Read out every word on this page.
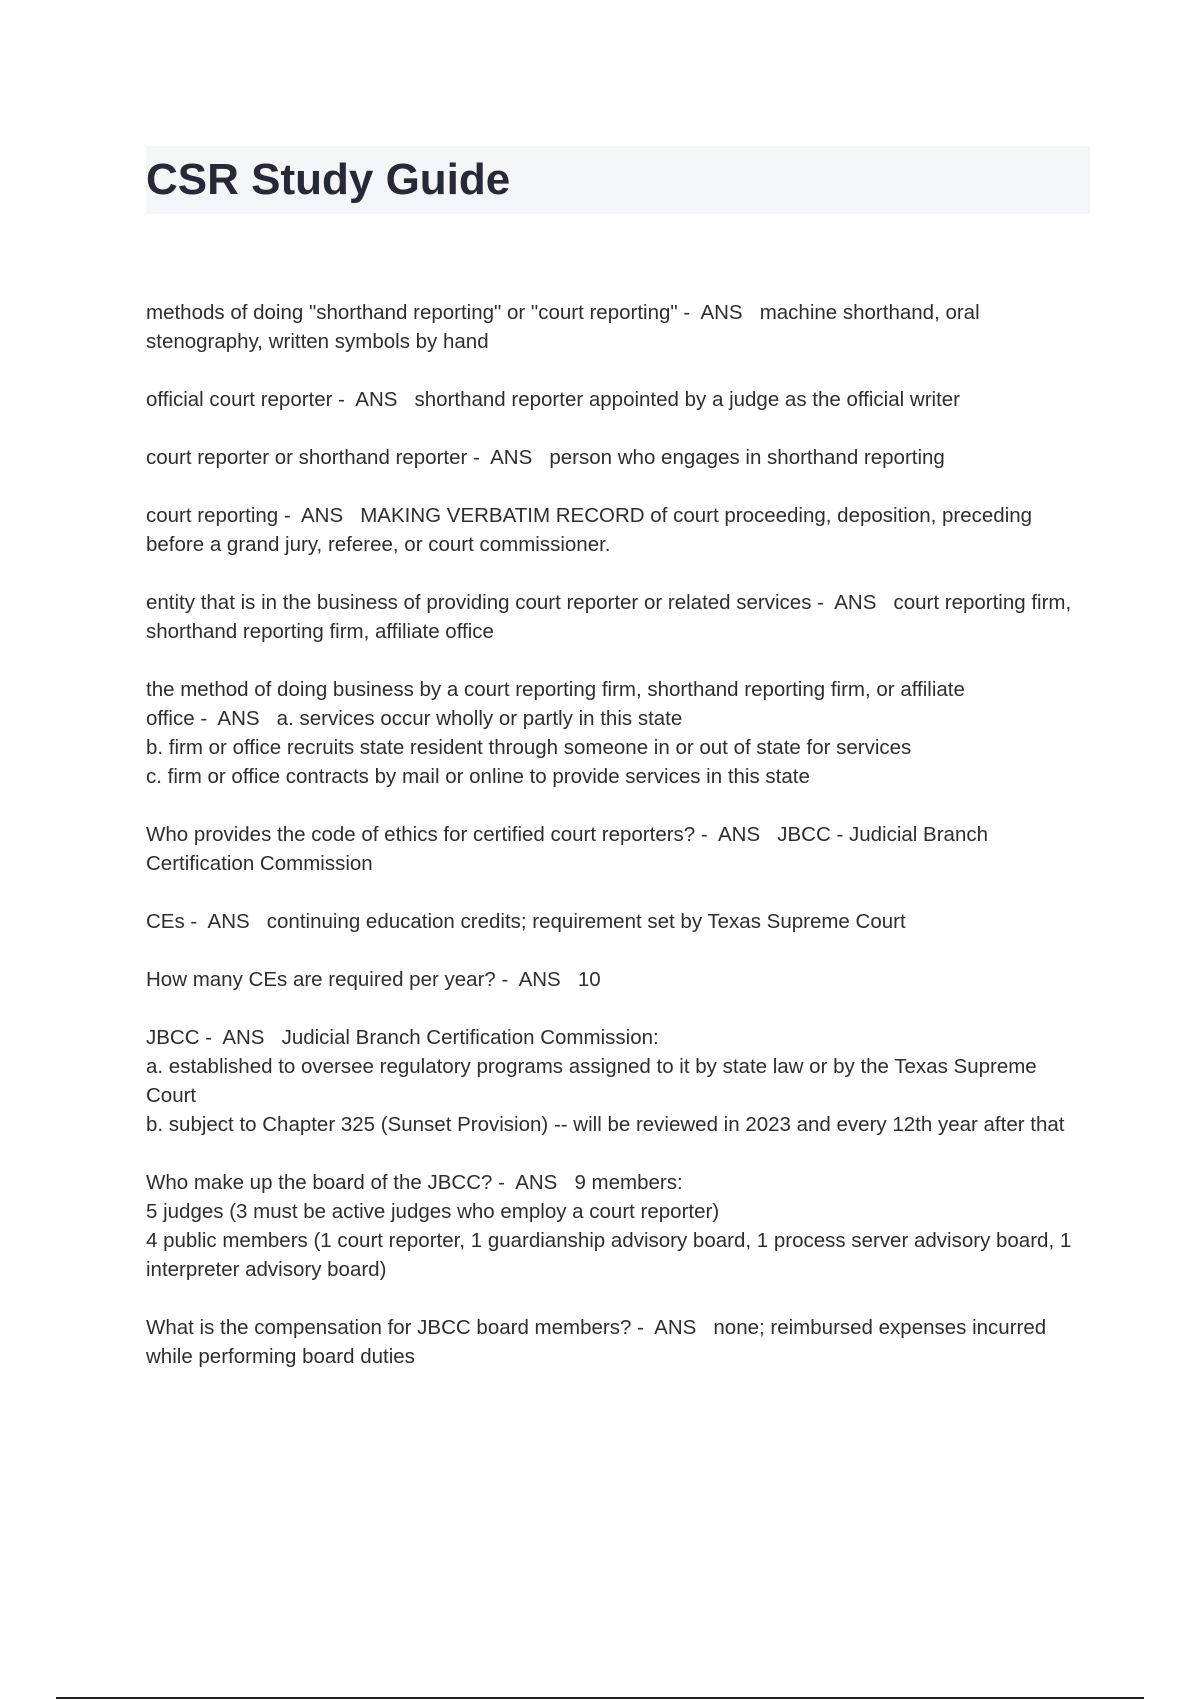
CSR Study Guide

methods of doing "shorthand reporting" or "court reporting" -  ANS   machine shorthand, oral stenography, written symbols by hand

official court reporter -  ANS   shorthand reporter appointed by a judge as the official writer

court reporter or shorthand reporter -  ANS   person who engages in shorthand reporting

court reporting -  ANS   MAKING VERBATIM RECORD of court proceeding, deposition, preceding before a grand jury, referee, or court commissioner.

entity that is in the business of providing court reporter or related services -  ANS   court reporting firm, shorthand reporting firm, affiliate office

the method of doing business by a court reporting firm, shorthand reporting firm, or affiliate office -  ANS   a. services occur wholly or partly in this state
b. firm or office recruits state resident through someone in or out of state for services
c. firm or office contracts by mail or online to provide services in this state

Who provides the code of ethics for certified court reporters? -  ANS   JBCC - Judicial Branch Certification Commission

CEs -  ANS   continuing education credits; requirement set by Texas Supreme Court

How many CEs are required per year? -  ANS   10

JBCC -  ANS   Judicial Branch Certification Commission:
a. established to oversee regulatory programs assigned to it by state law or by the Texas Supreme Court
b. subject to Chapter 325 (Sunset Provision) -- will be reviewed in 2023 and every 12th year after that

Who make up the board of the JBCC? -  ANS   9 members:
5 judges (3 must be active judges who employ a court reporter)
4 public members (1 court reporter, 1 guardianship advisory board, 1 process server advisory board, 1 interpreter advisory board)

What is the compensation for JBCC board members? -  ANS   none; reimbursed expenses incurred while performing board duties
